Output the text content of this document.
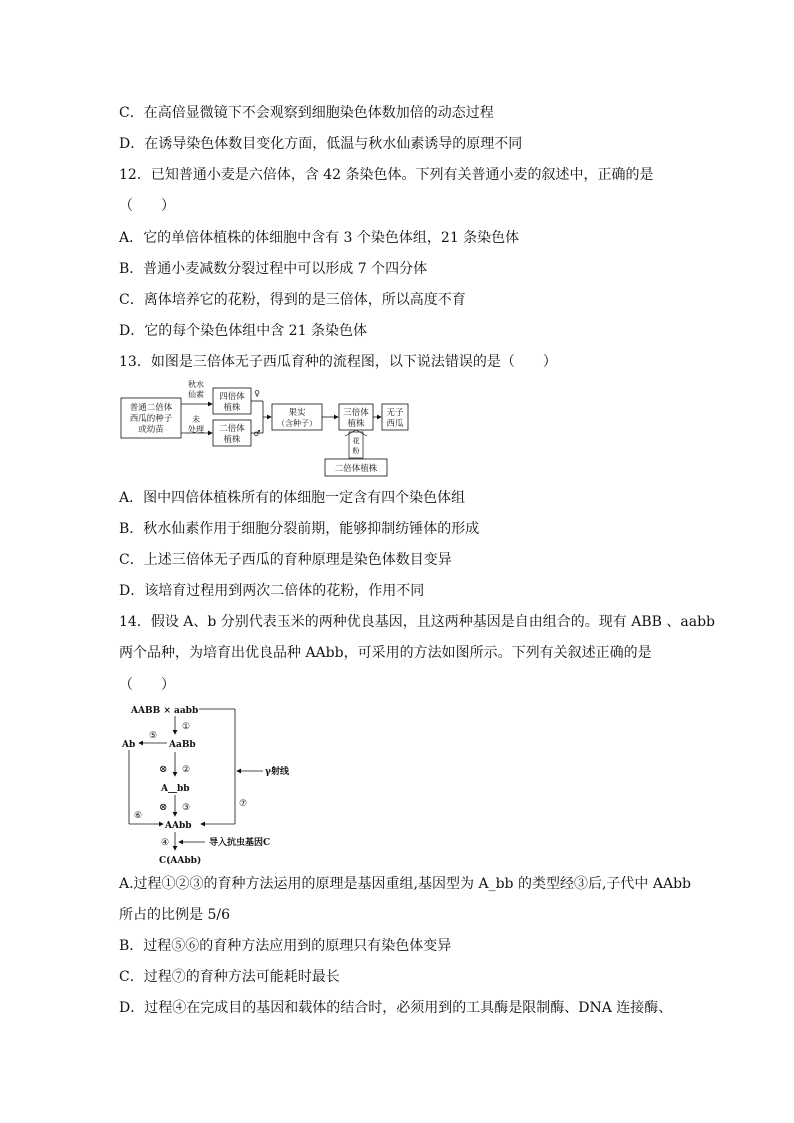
C．在高倍显微镜下不会观察到细胞染色体数加倍的动态过程
D．在诱导染色体数目变化方面，低温与秋水仙素诱导的原理不同
12．已知普通小麦是六倍体，含 42 条染色体。下列有关普通小麦的叙述中，正确的是
（　　）
A．它的单倍体植株的体细胞中含有 3 个染色体组，21 条染色体
B．普通小麦减数分裂过程中可以形成 7 个四分体
C．离体培养它的花粉，得到的是三倍体，所以高度不育
D．它的每个染色体组中含 21 条染色体
13．如图是三倍体无子西瓜育种的流程图，以下说法错误的是（　　）
普通二倍体
西瓜的种子
或幼苗
秋水
仙素
未
处理
四倍体
植株
♀
二倍体
植株
♂
果实
（含种子）
三倍体
植株
无子
西瓜
花
粉
二倍体植株
A．图中四倍体植株所有的体细胞一定含有四个染色体组
B．秋水仙素作用于细胞分裂前期，能够抑制纺锤体的形成
C．上述三倍体无子西瓜的育种原理是染色体数目变异
D．该培育过程用到两次二倍体的花粉，作用不同
14．假设 A、b 分别代表玉米的两种优良基因，且这两种基因是自由组合的。现有 ABB 、aabb
两个品种，为培育出优良品种 AAbb，可采用的方法如图所示。下列有关叙述正确的是
（　　）
AABB × aabb
①
AaBb
⑤
Ab
⊗ ②
A__bb
⊗ ③
AAbb
⑥
⑦
γ射线
④	导入抗虫基因C
C(AAbb)
A.过程①②③的育种方法运用的原理是基因重组,基因型为 A_bb 的类型经③后,子代中 AAbb
所占的比例是 5/6
B．过程⑤⑥的育种方法应用到的原理只有染色体变异
C．过程⑦的育种方法可能耗时最长
D．过程④在完成目的基因和载体的结合时，必须用到的工具酶是限制酶、DNA 连接酶、
